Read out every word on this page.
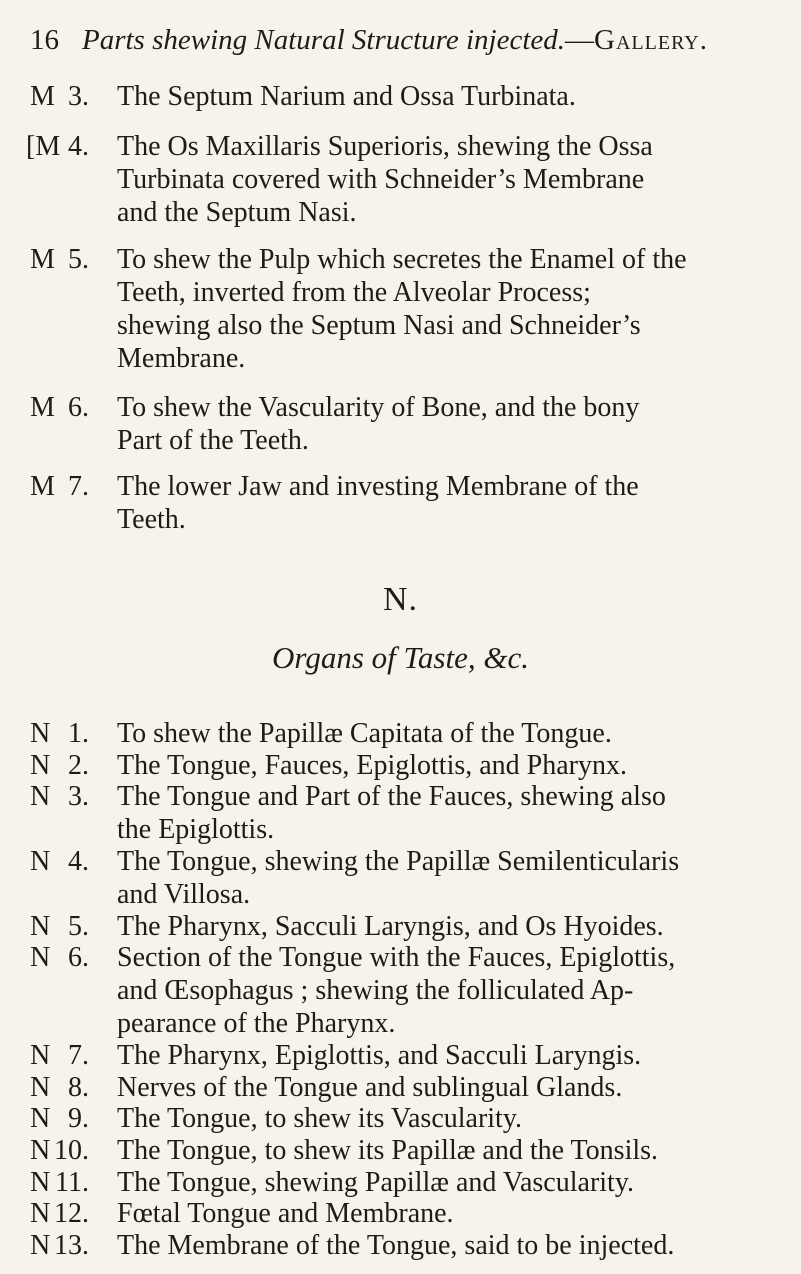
16 Parts shewing Natural Structure injected.—Gallery.
M 3. The Septum Narium and Ossa Turbinata.
[M 4. The Os Maxillaris Superioris, shewing the Ossa
Turbinata covered with Schneider’s Membrane
and the Septum Nasi.
M 5. To shew the Pulp which secretes the Enamel of the
Teeth, inverted from the Alveolar Process;
shewing also the Septum Nasi and Schneider’s
Membrane.
M 6. To shew the Vascularity of Bone, and the bony
Part of the Teeth.
M 7. The lower Jaw and investing Membrane of the
Teeth.
N.
Organs of Taste, &c.
N 1. To shew the Papillæ Capitata of the Tongue.
N 2. The Tongue, Fauces, Epiglottis, and Pharynx.
N 3. The Tongue and Part of the Fauces, shewing also
the Epiglottis.
N 4. The Tongue, shewing the Papillæ Semilenticularis
and Villosa.
N 5. The Pharynx, Sacculi Laryngis, and Os Hyoides.
N 6. Section of the Tongue with the Fauces, Epiglottis,
and Œsophagus ; shewing the folliculated Ap-
pearance of the Pharynx.
N 7. The Pharynx, Epiglottis, and Sacculi Laryngis.
N 8. Nerves of the Tongue and sublingual Glands.
N 9. The Tongue, to shew its Vascularity.
N 10. The Tongue, to shew its Papillæ and the Tonsils.
N 11. The Tongue, shewing Papillæ and Vascularity.
N 12. Fœtal Tongue and Membrane.
N 13. The Membrane of the Tongue, said to be injected.
